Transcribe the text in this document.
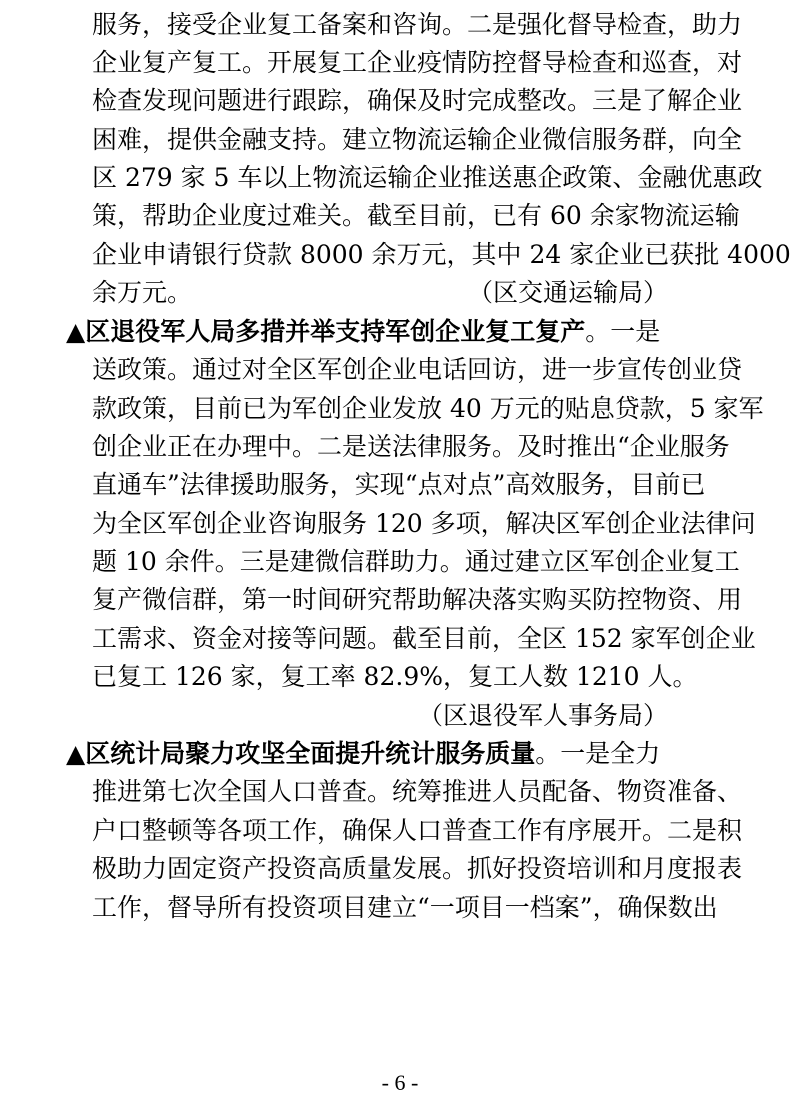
服务，接受企业复工备案和咨询。二是强化督导检查，助力
企业复产复工。开展复工企业疫情防控督导检查和巡查，对
检查发现问题进行跟踪，确保及时完成整改。三是了解企业
困难，提供金融支持。建立物流运输企业微信服务群，向全
区 279 家 5 车以上物流运输企业推送惠企政策、金融优惠政
策，帮助企业度过难关。截至目前，已有 60 余家物流运输
企业申请银行贷款 8000 余万元，其中 24 家企业已获批 4000
余万元。	（区交通运输局）
▲区退役军人局多措并举支持军创企业复工复产。一是
送政策。通过对全区军创企业电话回访，进一步宣传创业贷
款政策，目前已为军创企业发放 40 万元的贴息贷款，5 家军
创企业正在办理中。二是送法律服务。及时推出“企业服务
直通车”法律援助服务，实现“点对点”高效服务，目前已
为全区军创企业咨询服务 120 多项，解决区军创企业法律问
题 10 余件。三是建微信群助力。通过建立区军创企业复工
复产微信群，第一时间研究帮助解决落实购买防控物资、用
工需求、资金对接等问题。截至目前，全区 152 家军创企业
已复工 126 家，复工率 82.9%，复工人数 1210 人。
（区退役军人事务局）
▲区统计局聚力攻坚全面提升统计服务质量。一是全力
推进第七次全国人口普查。统筹推进人员配备、物资准备、
户口整顿等各项工作，确保人口普查工作有序展开。二是积
极助力固定资产投资高质量发展。抓好投资培训和月度报表
工作，督导所有投资项目建立“一项目一档案”，确保数出
- 6 -
